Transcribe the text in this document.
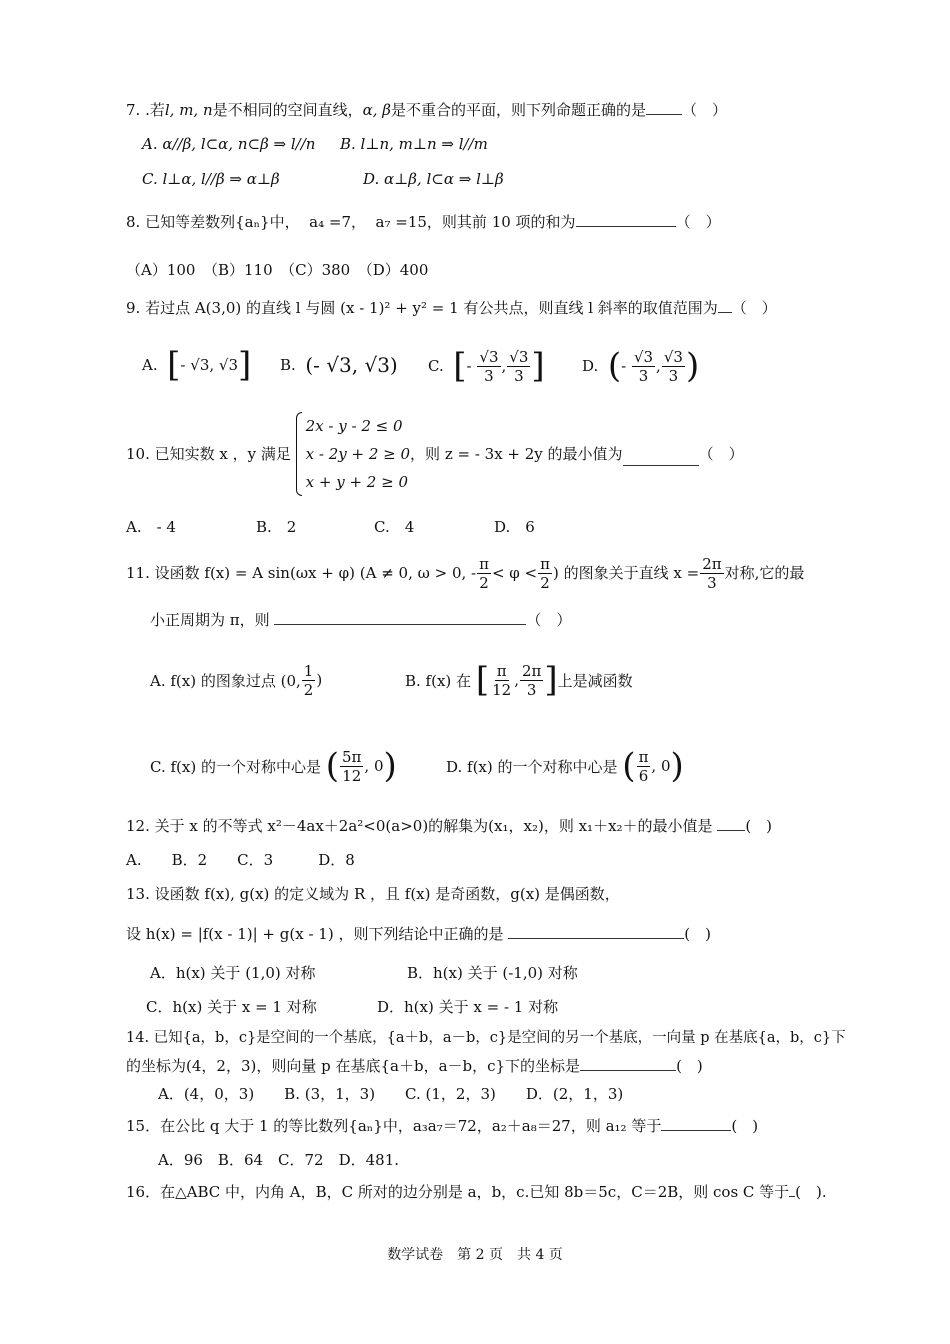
7. .若l, m, n是不相同的空间直线，α, β是不重合的平面，则下列命题正确的是 （　）
A. α//β, l⊂α, n⊂β ⇒ l//n B. l⊥n, m⊥n ⇒ l//m
C. l⊥α, l//β ⇒ α⊥β	D. α⊥β, l⊂α ⇒ l⊥β
8. 已知等差数列{aₙ}中， a₄ =7， a₇ =15，则其前 10 项的和为	（　）
（A）100　（B）110　（C）380　（D）400
9. 若过点 A(3,0) 的直线 l 与圆 (x - 1)² + y² = 1 有公共点，则直线 l 斜率的取值范围为 （　）
A.
[ - √3, √3 ] B.
(- √3, √3) C.
[ -
$\frac{√3}{3}$ , $\frac{√3}{3}$ ] D.
( -
$\frac{√3}{3}$ , $\frac{√3}{3}$ )
10. 已知实数 x ，y 满足

2x - y - 2 ≤ 0
x - 2y + 2 ≥ 0
x + y + 2 ≥ 0
，则 z = - 3x + 2y 的最小值为	（　）
A.　- 4	B.　2	C.　4	D.　6
11. 设函数 f(x) = A sin(ωx + φ) (A ≠ 0, ω > 0, - $\frac{\pi}{2} < \varphi < \frac{\pi}{2}$ ) 的图象关于直线 $x = \frac{2\pi}{3}$ 对称,它的最
小正周期为 π，则	（　）
A. f(x) 的图象过点 (0, $\frac{1}{2}$ )	B. f(x) 在
[ $\frac{\pi}{12}$ , $\frac{2\pi}{3}$ ] 上是减函数
C. f(x) 的一个对称中心是
( $\frac{5\pi}{12}$ , 0 )	D. f(x) 的一个对称中心是
( $\frac{\pi}{6}$ , 0 )
12. 关于 x 的不等式 x²－4ax＋2a²<0(a>0)的解集为(x₁，x₂)，则 x₁＋x₂＋的最小值是 (　)
A.　　B．2　　C．3　　　D．8
13. 设函数 f(x), g(x) 的定义域为 R ，且 f(x) 是奇函数，g(x) 是偶函数，
设 h(x) = |f(x - 1)| + g(x - 1) ，则下列结论中正确的是	(　)
A．h(x) 关于 (1,0) 对称	B．h(x) 关于 (-1,0) 对称
C．h(x) 关于 x = 1 对称	D．h(x) 关于 x = - 1 对称
14. 已知{a，b，c}是空间的一个基底，{a＋b，a－b，c}是空间的另一个基底，一向量 p 在基底{a，b，c}下
的坐标为(4，2，3)，则向量 p 在基底{a＋b，a－b，c}下的坐标是	(　)
A．(4，0，3)　　B. (3，1，3)　　C. (1，2，3)　　D．(2，1，3)
15．在公比 q 大于 1 的等比数列{aₙ}中，a₃a₇＝72，a₂＋a₈＝27，则 a₁₂ 等于	(　)
A．96　B．64　C．72　D．481.
16．在△ABC 中，内角 A，B，C 所对的边分别是 a，b，c.已知 8b＝5c，C＝2B，则 cos C 等于 (　).
数学试卷　第 2 页　共 4 页
